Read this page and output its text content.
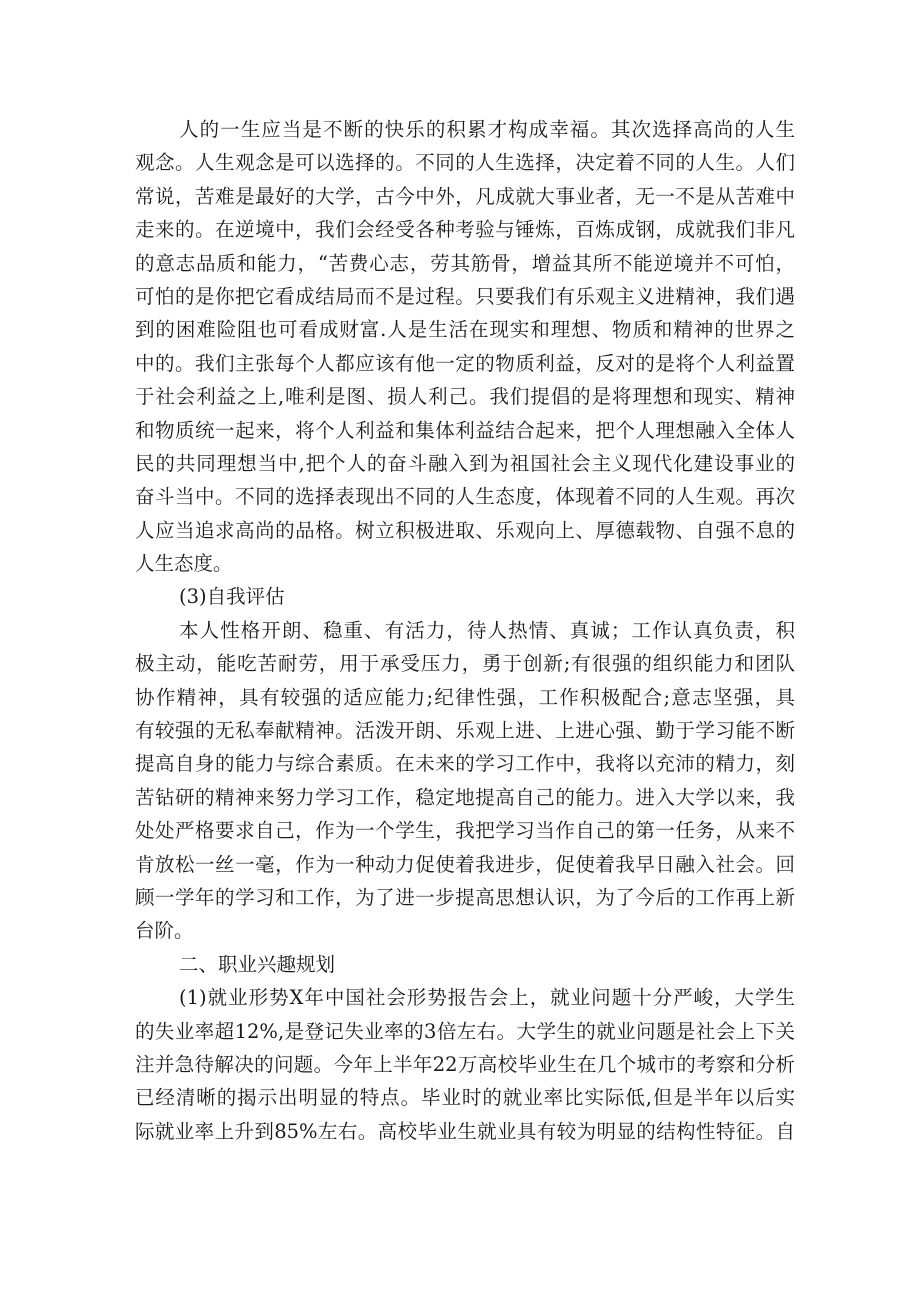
人的一生应当是不断的快乐的积累才构成幸福。其次选择高尚的人生
观念。人生观念是可以选择的。不同的人生选择，决定着不同的人生。人们
常说，苦难是最好的大学，古今中外，凡成就大事业者，无一不是从苦难中
走来的。在逆境中，我们会经受各种考验与锤炼，百炼成钢，成就我们非凡
的意志品质和能力，“苦费心志，劳其筋骨，增益其所不能逆境并不可怕，
可怕的是你把它看成结局而不是过程。只要我们有乐观主义进精神，我们遇
到的困难险阻也可看成财富.人是生活在现实和理想、物质和精神的世界之
中的。我们主张每个人都应该有他一定的物质利益，反对的是将个人利益置
于社会利益之上,唯利是图、损人利己。我们提倡的是将理想和现实、精神
和物质统一起来，将个人利益和集体利益结合起来，把个人理想融入全体人
民的共同理想当中,把个人的奋斗融入到为祖国社会主义现代化建设事业的
奋斗当中。不同的选择表现出不同的人生态度，体现着不同的人生观。再次
人应当追求高尚的品格。树立积极进取、乐观向上、厚德载物、自强不息的
人生态度。
(3)自我评估
本人性格开朗、稳重、有活力，待人热情、真诚；工作认真负责，积
极主动，能吃苦耐劳，用于承受压力，勇于创新;有很强的组织能力和团队
协作精神，具有较强的适应能力;纪律性强，工作积极配合;意志坚强，具
有较强的无私奉献精神。活泼开朗、乐观上进、上进心强、勤于学习能不断
提高自身的能力与综合素质。在未来的学习工作中，我将以充沛的精力，刻
苦钻研的精神来努力学习工作，稳定地提高自己的能力。进入大学以来，我
处处严格要求自己，作为一个学生，我把学习当作自己的第一任务，从来不
肯放松一丝一毫，作为一种动力促使着我进步，促使着我早日融入社会。回
顾一学年的学习和工作，为了进一步提高思想认识，为了今后的工作再上新
台阶。
二、职业兴趣规划
(1)就业形势X年中国社会形势报告会上，就业问题十分严峻，大学生
的失业率超12%,是登记失业率的3倍左右。大学生的就业问题是社会上下关
注并急待解决的问题。今年上半年22万高校毕业生在几个城市的考察和分析
已经清晰的揭示出明显的特点。毕业时的就业率比实际低,但是半年以后实
际就业率上升到85%左右。高校毕业生就业具有较为明显的结构性特征。自
